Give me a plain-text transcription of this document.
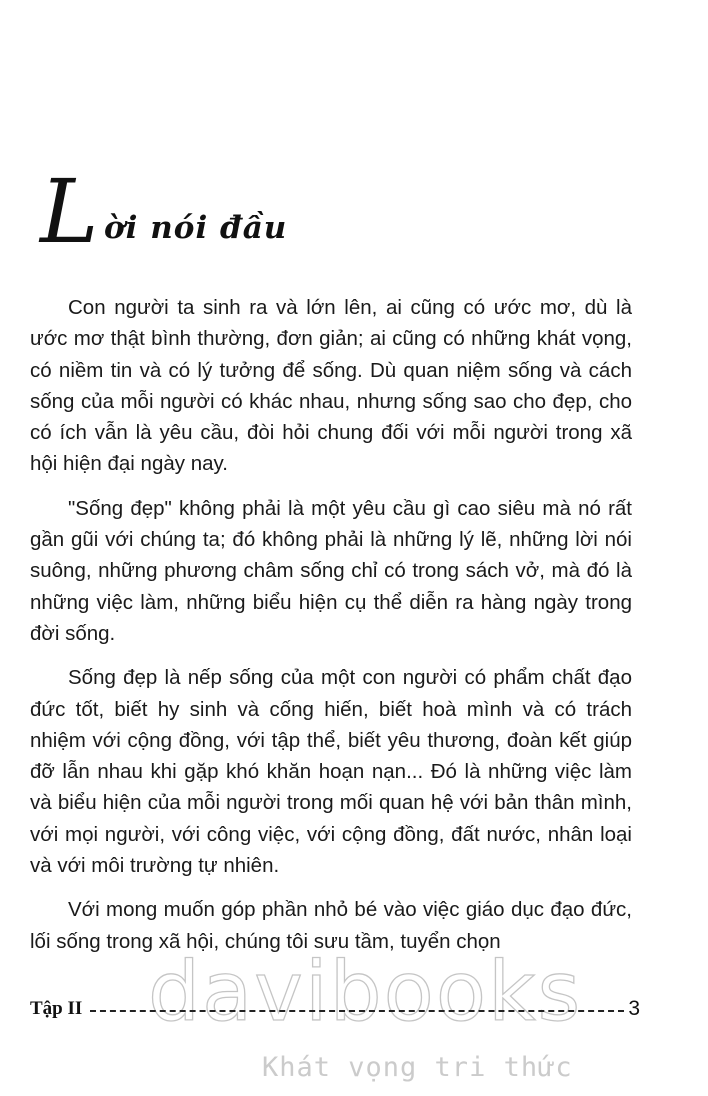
L ời nói đầu

Con người ta sinh ra và lớn lên, ai cũng có ước mơ, dù là ước mơ thật bình thường, đơn giản; ai cũng có những khát vọng, có niềm tin và có lý tưởng để sống. Dù quan niệm sống và cách sống của mỗi người có khác nhau, nhưng sống sao cho đẹp, cho có ích vẫn là yêu cầu, đòi hỏi chung đối với mỗi người trong xã hội hiện đại ngày nay.

"Sống đẹp" không phải là một yêu cầu gì cao siêu mà nó rất gần gũi với chúng ta; đó không phải là những lý lẽ, những lời nói suông, những phương châm sống chỉ có trong sách vở, mà đó là những việc làm, những biểu hiện cụ thể diễn ra hàng ngày trong đời sống.

Sống đẹp là nếp sống của một con người có phẩm chất đạo đức tốt, biết hy sinh và cống hiến, biết hoà mình và có trách nhiệm với cộng đồng, với tập thể, biết yêu thương, đoàn kết giúp đỡ lẫn nhau khi gặp khó khăn hoạn nạn... Đó là những việc làm và biểu hiện của mỗi người trong mối quan hệ với bản thân mình, với mọi người, với công việc, với cộng đồng, đất nước, nhân loại và với môi trường tự nhiên.

Với mong muốn góp phần nhỏ bé vào việc giáo dục đạo đức, lối sống trong xã hội, chúng tôi sưu tầm, tuyển chọn

davibooks
Tập II	3
Khát vọng tri thức
